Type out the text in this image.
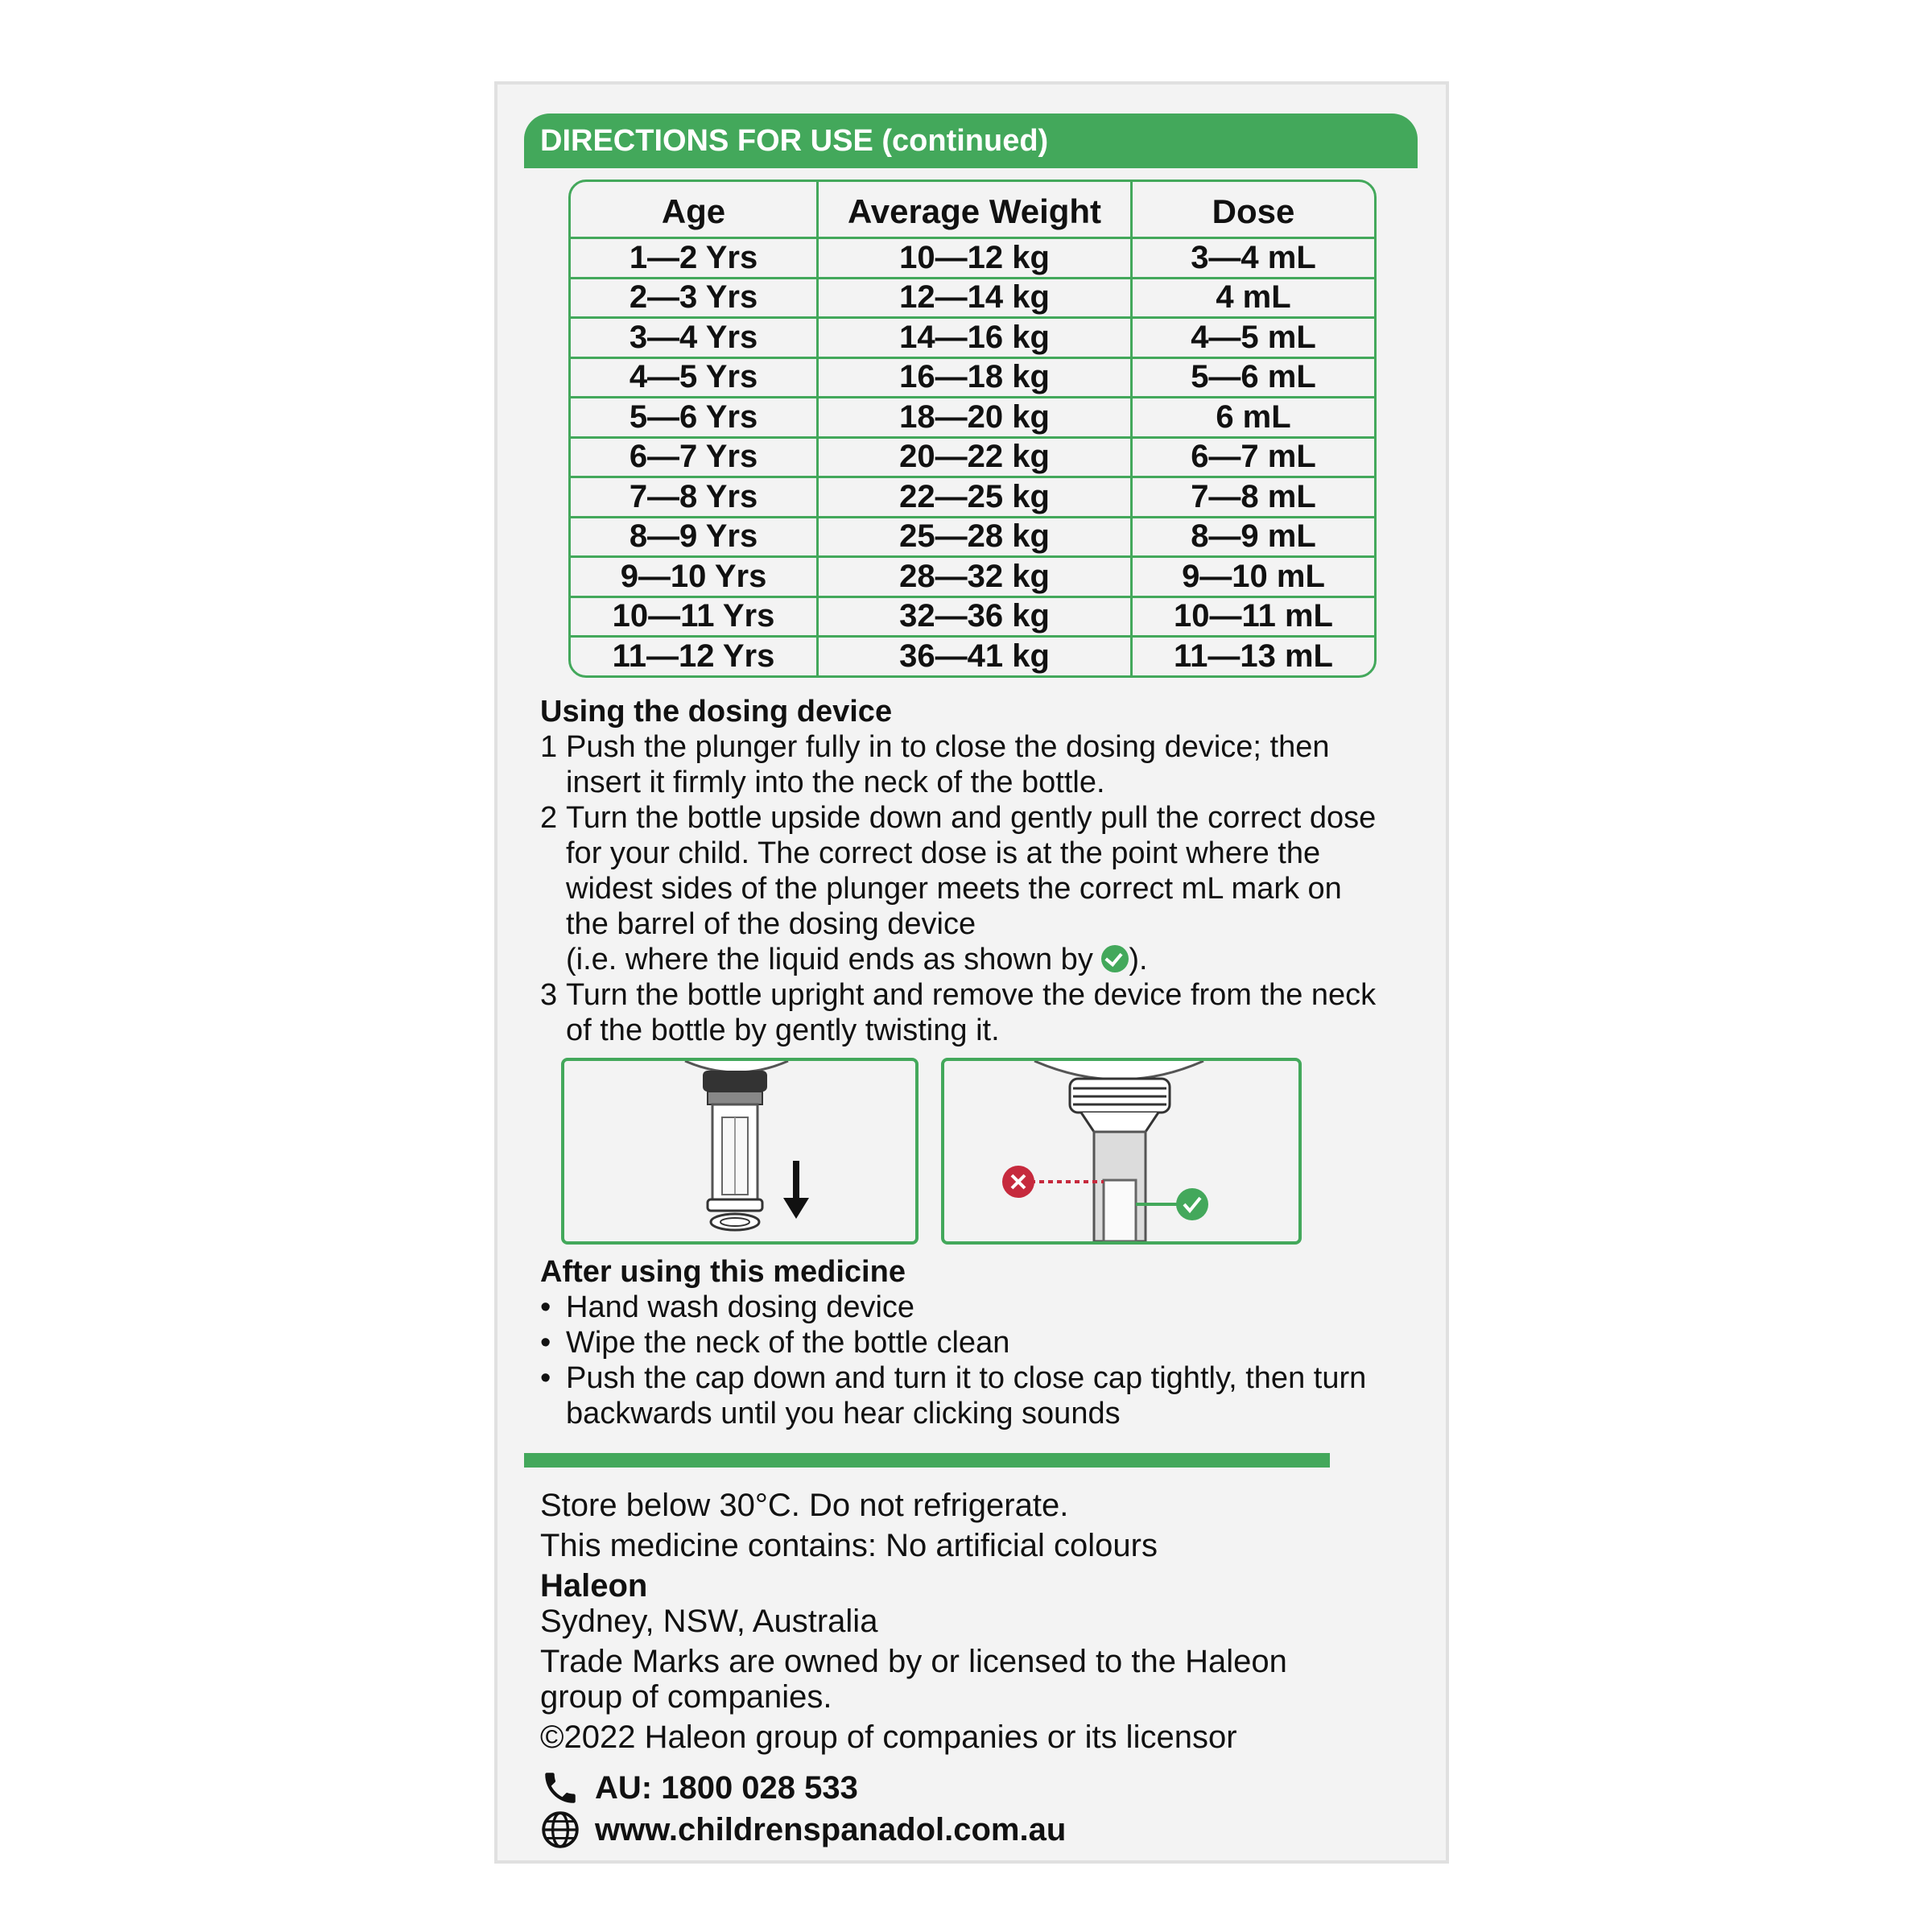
DIRECTIONS FOR USE (continued)
Age	Average Weight	Dose
1—2 Yrs	10—12 kg	3—4 mL
2—3 Yrs	12—14 kg	4 mL
3—4 Yrs	14—16 kg	4—5 mL
4—5 Yrs	16—18 kg	5—6 mL
5—6 Yrs	18—20 kg	6 mL
6—7 Yrs	20—22 kg	6—7 mL
7—8 Yrs	22—25 kg	7—8 mL
8—9 Yrs	25—28 kg	8—9 mL
9—10 Yrs	28—32 kg	9—10 mL
10—11 Yrs	32—36 kg	10—11 mL
11—12 Yrs	36—41 kg	11—13 mL
Using the dosing device
1 Push the plunger fully in to close the dosing device; then
insert it firmly into the neck of the bottle.
2 Turn the bottle upside down and gently pull the correct dose
for your child. The correct dose is at the point where the
widest sides of the plunger meets the correct mL mark on
the barrel of the dosing device
(i.e. where the liquid ends as shown by ).
3 Turn the bottle upright and remove the device from the neck
of the bottle by gently twisting it.
After using this medicine
• Hand wash dosing device
• Wipe the neck of the bottle clean
• Push the cap down and turn it to close cap tightly, then turn
backwards until you hear clicking sounds
Store below 30°C. Do not refrigerate.
This medicine contains: No artificial colours
Haleon
Sydney, NSW, Australia
Trade Marks are owned by or licensed to the Haleon
group of companies.
©2022 Haleon group of companies or its licensor
AU: 1800 028 533
www.childrenspanadol.com.au
